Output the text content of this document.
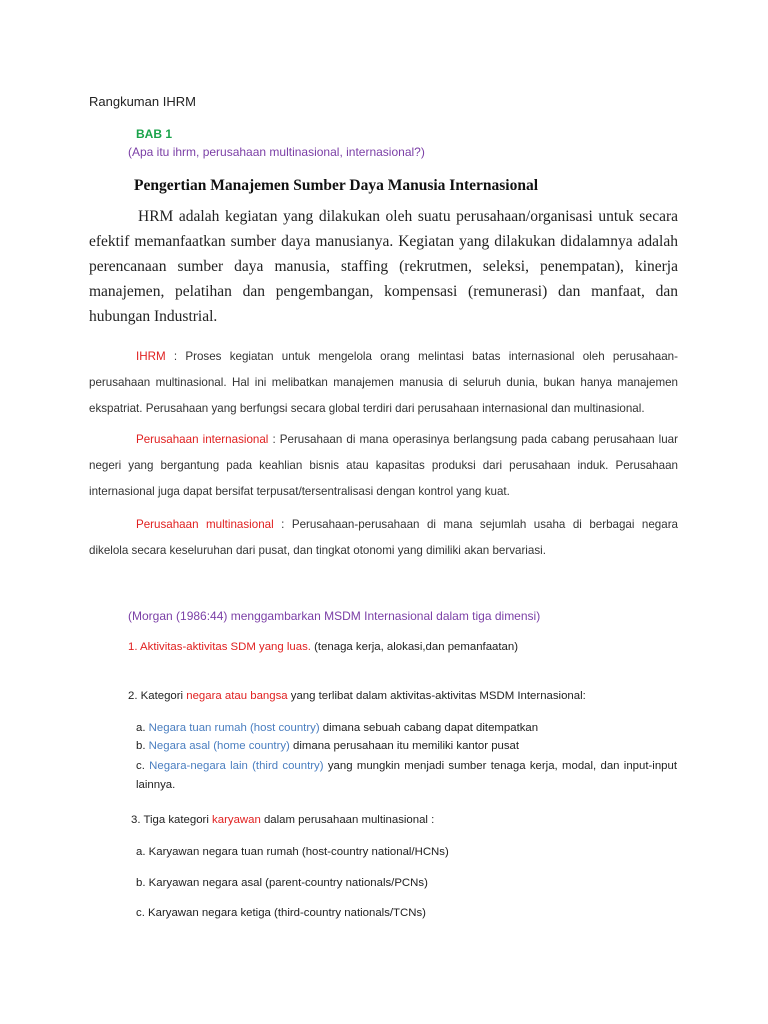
Rangkuman IHRM

BAB 1

(Apa itu ihrm, perusahaan multinasional, internasional?)

Pengertian Manajemen Sumber Daya Manusia Internasional

HRM adalah kegiatan yang dilakukan oleh suatu perusahaan/organisasi untuk secara efektif memanfaatkan sumber daya manusianya. Kegiatan yang dilakukan didalamnya adalah perencanaan sumber daya manusia, staffing (rekrutmen, seleksi, penempatan), kinerja manajemen, pelatihan dan pengembangan, kompensasi (remunerasi) dan manfaat, dan hubungan Industrial.

IHRM : Proses kegiatan untuk mengelola orang melintasi batas internasional oleh perusahaan-perusahaan multinasional. Hal ini melibatkan manajemen manusia di seluruh dunia, bukan hanya manajemen ekspatriat. Perusahaan yang berfungsi secara global terdiri dari perusahaan internasional dan multinasional.

Perusahaan internasional : Perusahaan di mana operasinya berlangsung pada cabang perusahaan luar negeri yang bergantung pada keahlian bisnis atau kapasitas produksi dari perusahaan induk. Perusahaan internasional juga dapat bersifat terpusat/tersentralisasi dengan kontrol yang kuat.

Perusahaan multinasional : Perusahaan-perusahaan di mana sejumlah usaha di berbagai negara dikelola secara keseluruhan dari pusat, dan tingkat otonomi yang dimiliki akan bervariasi.

(Morgan (1986:44) menggambarkan MSDM Internasional dalam tiga dimensi)

1. Aktivitas-aktivitas SDM yang luas. (tenaga kerja, alokasi,dan pemanfaatan)

2. Kategori negara atau bangsa yang terlibat dalam aktivitas-aktivitas MSDM Internasional:

a. Negara tuan rumah (host country) dimana sebuah cabang dapat ditempatkan

b. Negara asal (home country) dimana perusahaan itu memiliki kantor pusat

c. Negara-negara lain (third country) yang mungkin menjadi sumber tenaga kerja, modal, dan input-input lainnya.

3. Tiga kategori karyawan dalam perusahaan multinasional :

a. Karyawan negara tuan rumah (host-country national/HCNs)

b. Karyawan negara asal (parent-country nationals/PCNs)

c. Karyawan negara ketiga (third-country nationals/TCNs)
